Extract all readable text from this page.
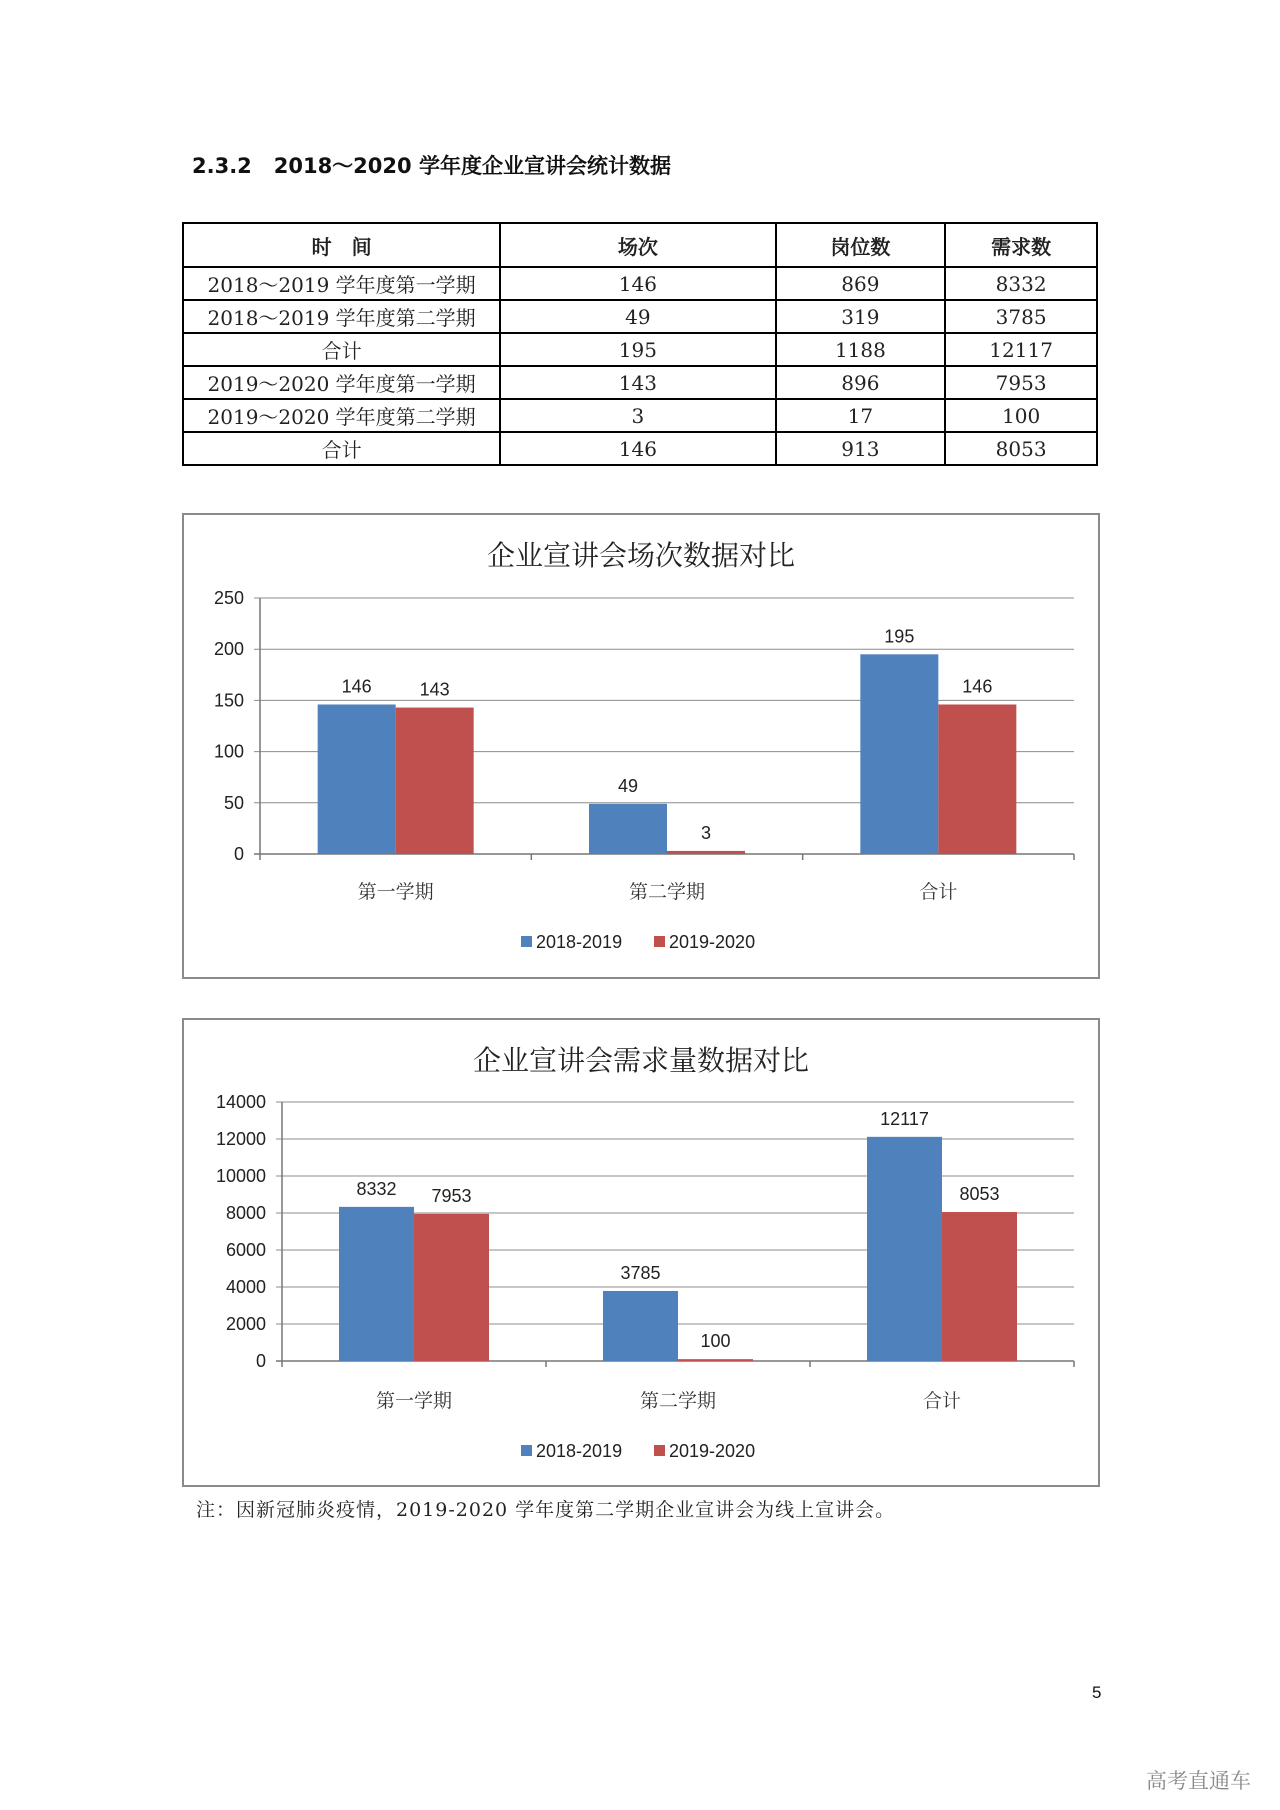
2.3.2 2018～2020 学年度企业宣讲会统计数据
时　间	场次	岗位数	需求数
2018～2019 学年度第一学期	146	869	8332
2018～2019 学年度第二学期	49	319	3785
合计	195	1188	12117
2019～2020 学年度第一学期	143	896	7953
2019～2020 学年度第二学期	3	17	100
合计	146	913	8053
企业宣讲会场次数据对比
0
50
100
150
200
250
第一学期
146	143
第二学期
49
3
合计
195
146
2018-2019	2019-2020
企业宣讲会需求量数据对比
0
2000
4000
6000
8000
10000
12000
14000
第一学期
8332 7953
第二学期
3785
100
合计
12117
8053
2018-2019	2019-2020
注：因新冠肺炎疫情，2019-2020 学年度第二学期企业宣讲会为线上宣讲会。
5
高考直通车
